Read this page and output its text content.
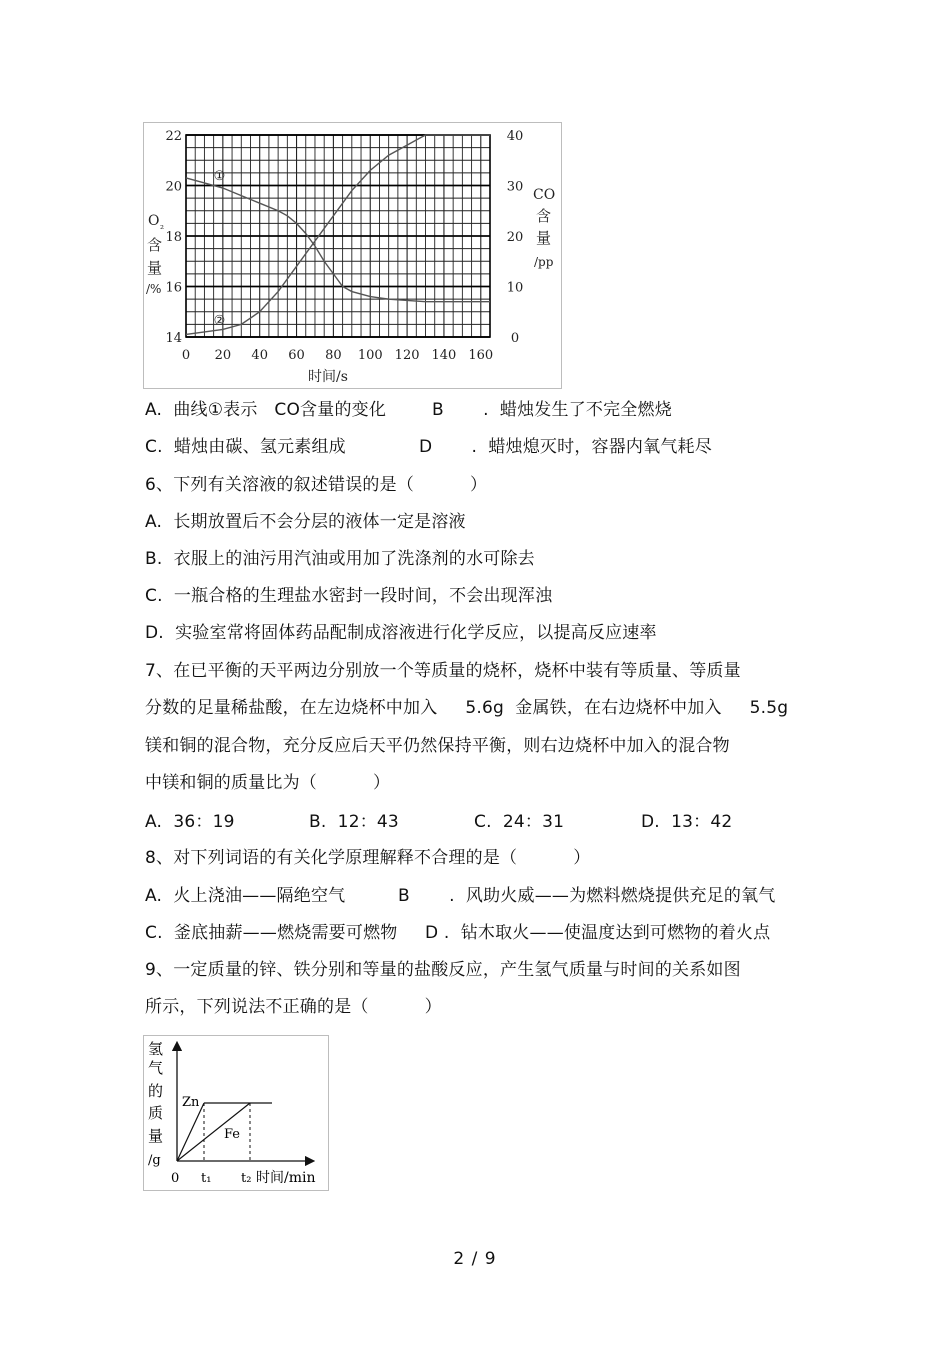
①
②
0 20 40 60 80 100 120 140 160
14
16
18
20
22
0
10
20
30
40
时间/s
O ₂
含
量
/%
CO
含
量
/pp
A.  曲线①表示   CO含量的变化	B       .  蜡烛发生了不完全燃烧
C.  蜡烛由碳、氢元素组成	D       .  蜡烛熄灭时，容器内氧气耗尽
6、下列有关溶液的叙述错误的是（          ）
A.  长期放置后不会分层的液体一定是溶液
B.  衣服上的油污用汽油或用加了洗涤剂的水可除去
C.  一瓶合格的生理盐水密封一段时间，不会出现浑浊
D.  实验室常将固体药品配制成溶液进行化学反应，以提高反应速率
7、在已平衡的天平两边分别放一个等质量的烧杯，烧杯中装有等质量、等质量
分数的足量稀盐酸，在左边烧杯中加入     5.6g  金属铁，在右边烧杯中加入     5.5g
镁和铜的混合物，充分反应后天平仍然保持平衡，则右边烧杯中加入的混合物
中镁和铜的质量比为（          ）
A.  36：19	B.  12：43	C.  24：31	D.  13：42
8、对下列词语的有关化学原理解释不合理的是（          ）
A.  火上浇油——隔绝空气	B       .  风助火威——为燃料燃烧提供充足的氧气
C.  釜底抽薪——燃烧需要可燃物 D .  钻木取火——使温度达到可燃物的着火点
9、一定质量的锌、铁分别和等量的盐酸反应，产生氢气质量与时间的关系如图
所示，下列说法不正确的是（          ）
氢
气
的
质
量
/g
Zn
Fe
0 t₁ t₂ 时间/min
2 / 9
